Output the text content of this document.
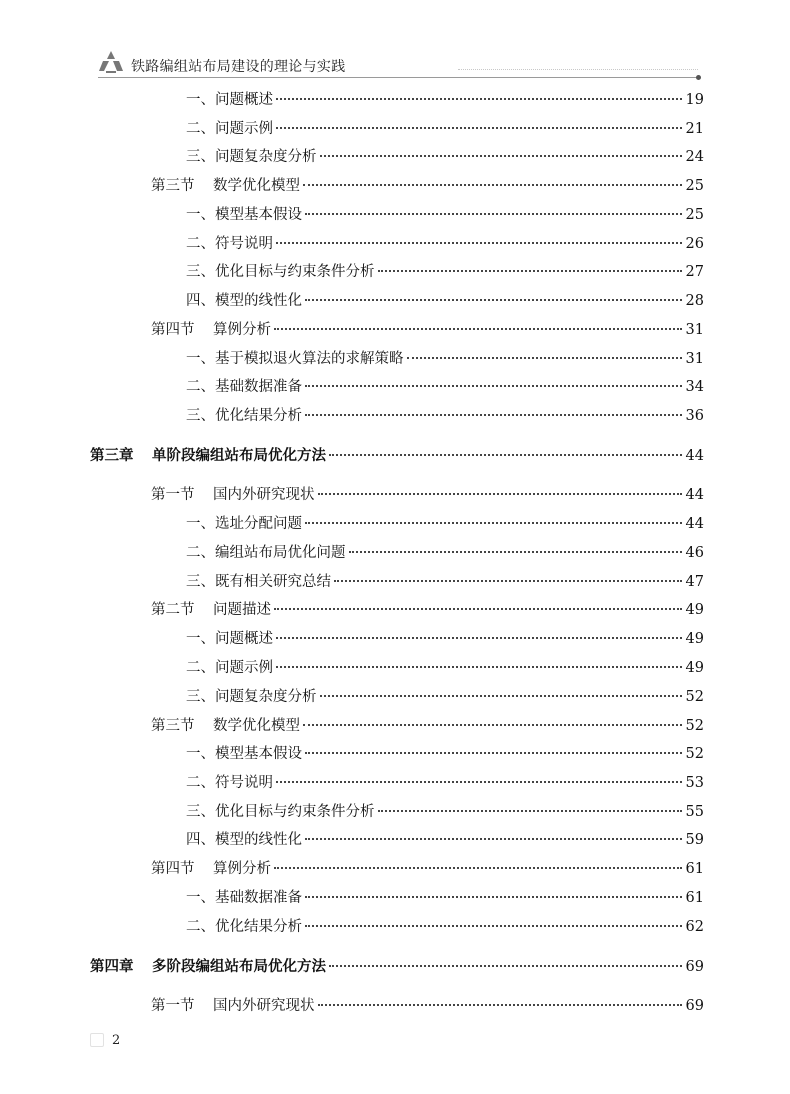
铁路编组站布局建设的理论与实践
一、问题概述	19
二、问题示例	21
三、问题复杂度分析	24
第三节 数学优化模型	25
一、模型基本假设	25
二、符号说明	26
三、优化目标与约束条件分析	27
四、模型的线性化	28
第四节 算例分析	31
一、基于模拟退火算法的求解策略	31
二、基础数据准备	34
三、优化结果分析	36
第三章 单阶段编组站布局优化方法	44
第一节 国内外研究现状	44
一、选址分配问题	44
二、编组站布局优化问题	46
三、既有相关研究总结	47
第二节 问题描述	49
一、问题概述	49
二、问题示例	49
三、问题复杂度分析	52
第三节 数学优化模型	52
一、模型基本假设	52
二、符号说明	53
三、优化目标与约束条件分析	55
四、模型的线性化	59
第四节 算例分析	61
一、基础数据准备	61
二、优化结果分析	62
第四章 多阶段编组站布局优化方法	69
第一节 国内外研究现状	69
2
